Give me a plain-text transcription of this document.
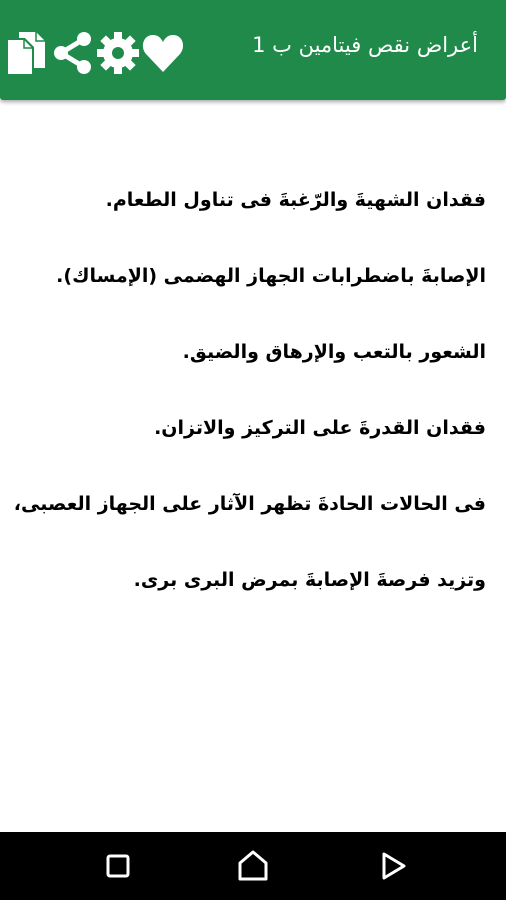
أعراض نقص فيتامين ب 1
فقدان الشهيةَ والرّغبةَ فى تناول الطعام.
الإصابةَ باضطرابات الجهاز الهضمى (الإمساك).
الشعور بالتعب والإرهاق والضيق.
فقدان القدرةَ على التركيز والاتزان.
فى الحالات الحادةَ تظهر الآثار على الجهاز العصبى،
وتزيد فرصةَ الإصابةَ بمرض البرى برى.
